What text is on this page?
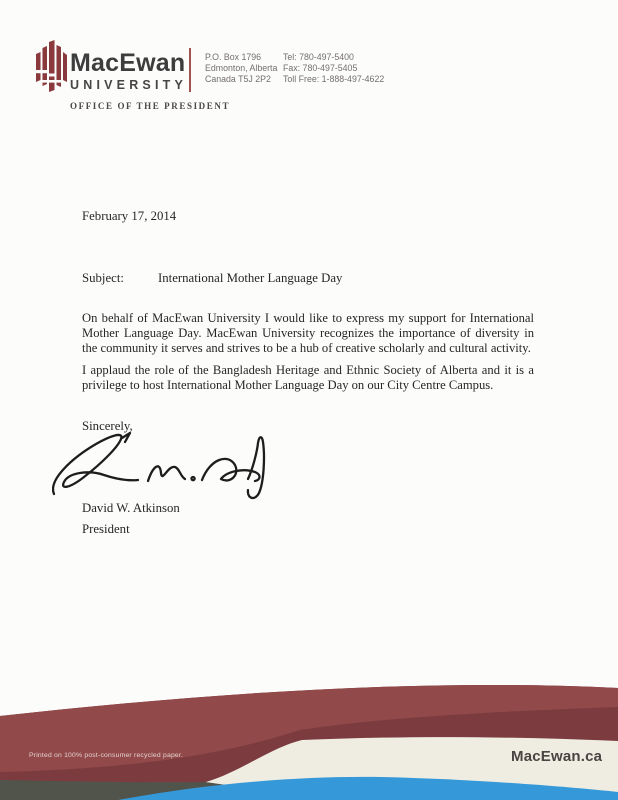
MacEwan
UNIVERSITY
OFFICE OF THE PRESIDENT
P.O. Box 1796
Edmonton, Alberta
Canada T5J 2P2
Tel: 780-497-5400
Fax: 780-497-5405
Toll Free: 1-888-497-4622
February 17, 2014
Subject:	International Mother Language Day

On behalf of MacEwan University I would like to express my support for International Mother Language Day. MacEwan University recognizes the importance of diversity in the community it serves and strives to be a hub of creative scholarly and cultural activity.

I applaud the role of the Bangladesh Heritage and Ethnic Society of Alberta and it is a privilege to host International Mother Language Day on our City Centre Campus.

Sincerely,
David W. Atkinson
President
Printed on 100% post-consumer recycled paper.	MacEwan.ca
